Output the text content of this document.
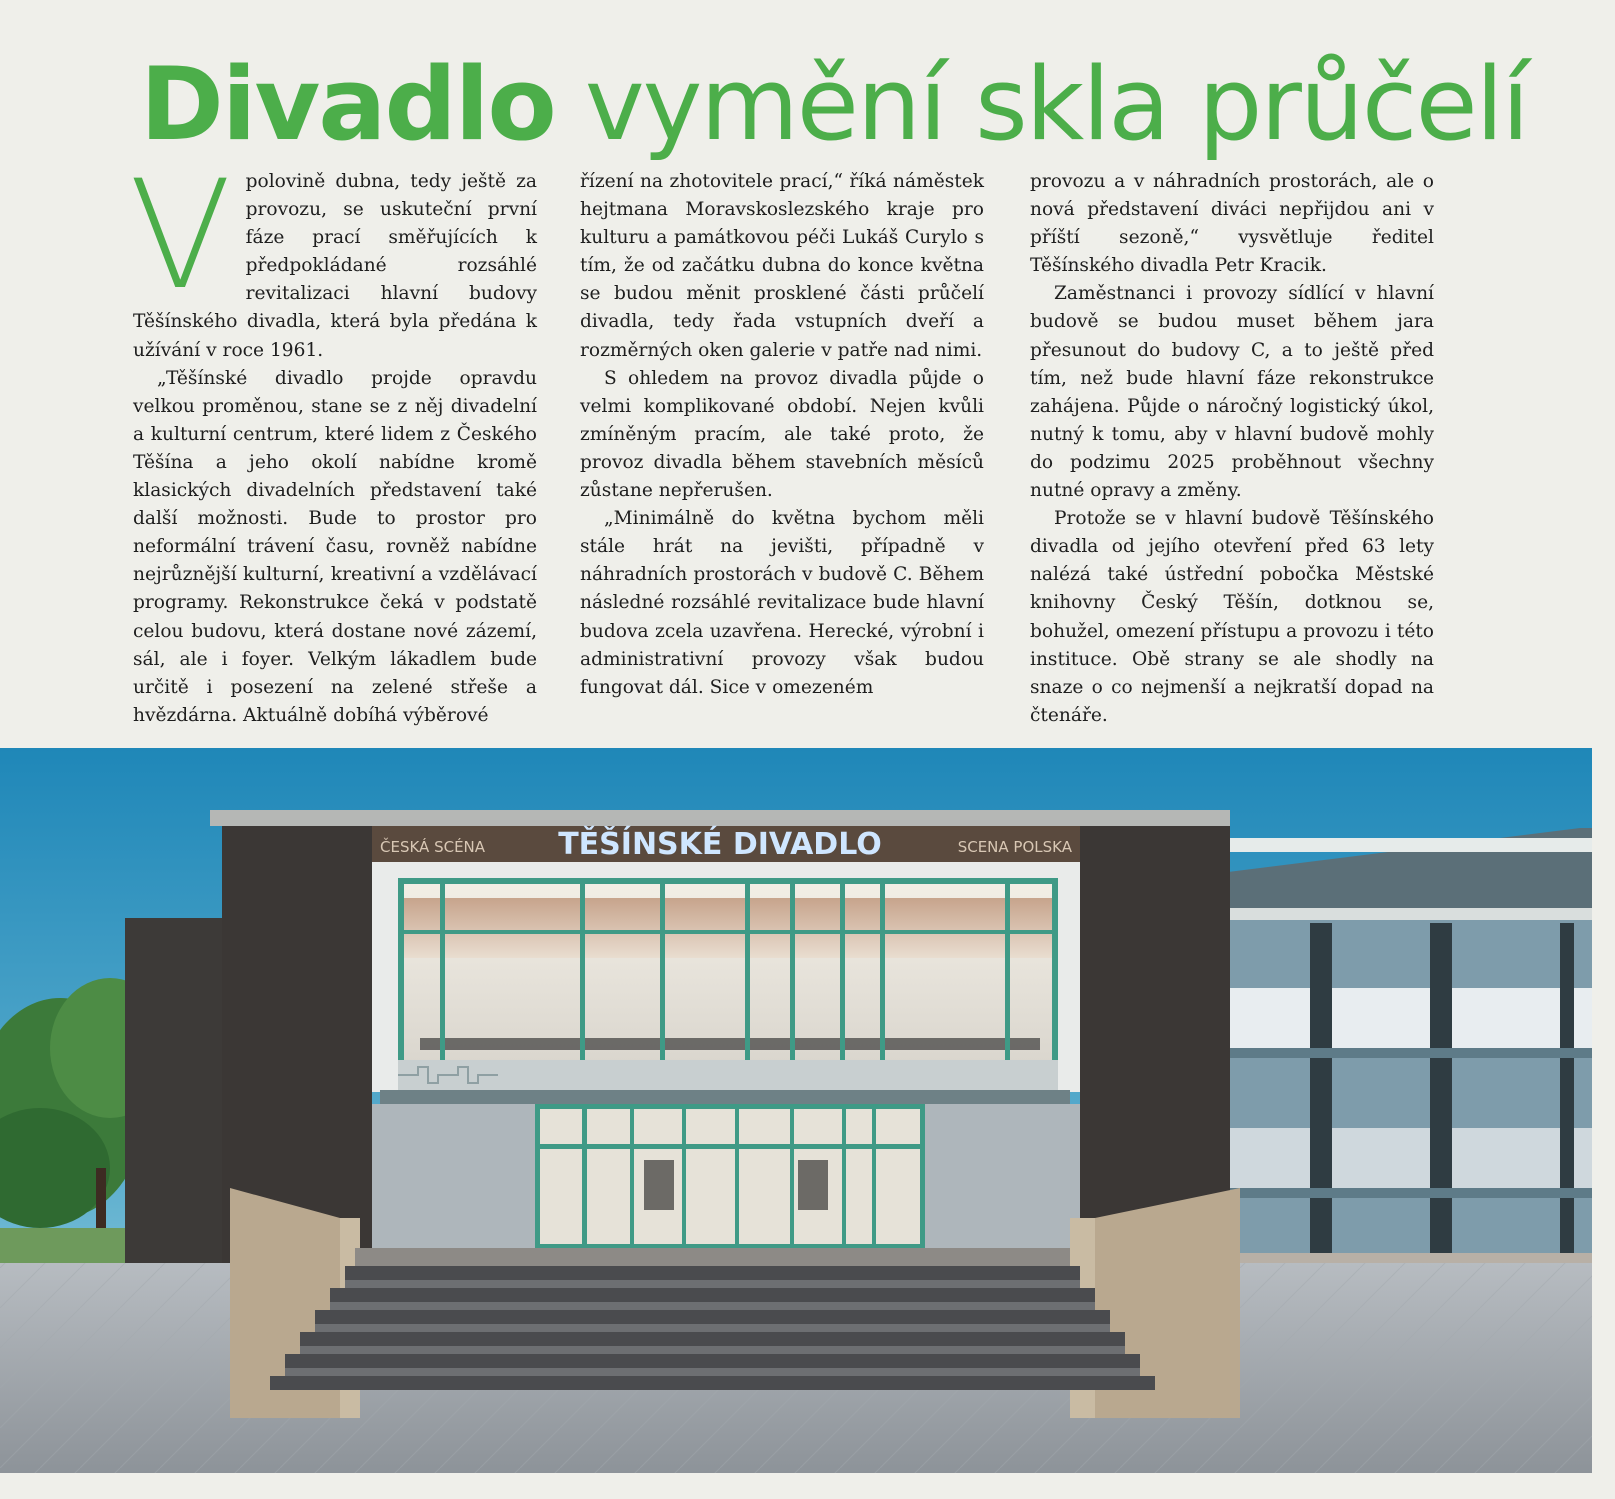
Divadlo vymění skla průčelí

Vpolovině dubna, tedy ještě za provozu, se uskuteční první fáze prací směřujících k předpokládané rozsáhlé revitalizaci hlavní budovy Těšínského divadla, která byla předána k užívání v roce 1961.

„Těšínské divadlo projde opravdu velkou proměnou, stane se z něj divadelní a kulturní centrum, které lidem z Českého Těšína a jeho okolí nabídne kromě klasických divadelních představení také další možnosti. Bude to prostor pro neformální trávení času, rovněž nabídne nejrůznější kulturní, kreativní a vzdělávací programy. Rekonstrukce čeká v podstatě celou budovu, která dostane nové zázemí, sál, ale i foyer. Velkým lákadlem bude určitě i posezení na zelené střeše a hvězdárna. Aktuálně dobíhá výběrové

řízení na zhotovitele prací,“ říká náměstek hejtmana Moravskoslezského kraje pro kulturu a památkovou péči Lukáš Curylo s tím, že od začátku dubna do konce května se budou měnit prosklené části průčelí divadla, tedy řada vstupních dveří a rozměrných oken galerie v patře nad nimi.

S ohledem na provoz divadla půjde o velmi komplikované období. Nejen kvůli zmíněným pracím, ale také proto, že provoz divadla během stavebních měsíců zůstane nepřerušen.

„Minimálně do května bychom měli stále hrát na jevišti, případně v náhradních prostorách v budově C. Během následné rozsáhlé revitalizace bude hlavní budova zcela uzavřena. Herecké, výrobní i administrativní provozy však budou fungovat dál. Sice v omezeném

provozu a v náhradních prostorách, ale o nová představení diváci nepřijdou ani v příští sezoně,“ vysvětluje ředitel Těšínského divadla Petr Kracik.

Zaměstnanci i provozy sídlící v hlavní budově se budou muset během jara přesunout do budovy C, a to ještě před tím, než bude hlavní fáze rekonstrukce zahájena. Půjde o náročný logistický úkol, nutný k tomu, aby v hlavní budově mohly do podzimu 2025 proběhnout všechny nutné opravy a změny.

Protože se v hlavní budově Těšínského divadla od jejího otevření před 63 lety nalézá také ústřední pobočka Městské knihovny Český Těšín, dotknou se, bohužel, omezení přístupu a provozu i této instituce. Obě strany se ale shodly na snaze o co nejmenší a nejkratší dopad na čtenáře.

ČESKÁ SCÉNA TĚŠÍNSKÉ DIVADLO	SCENA POLSKA
